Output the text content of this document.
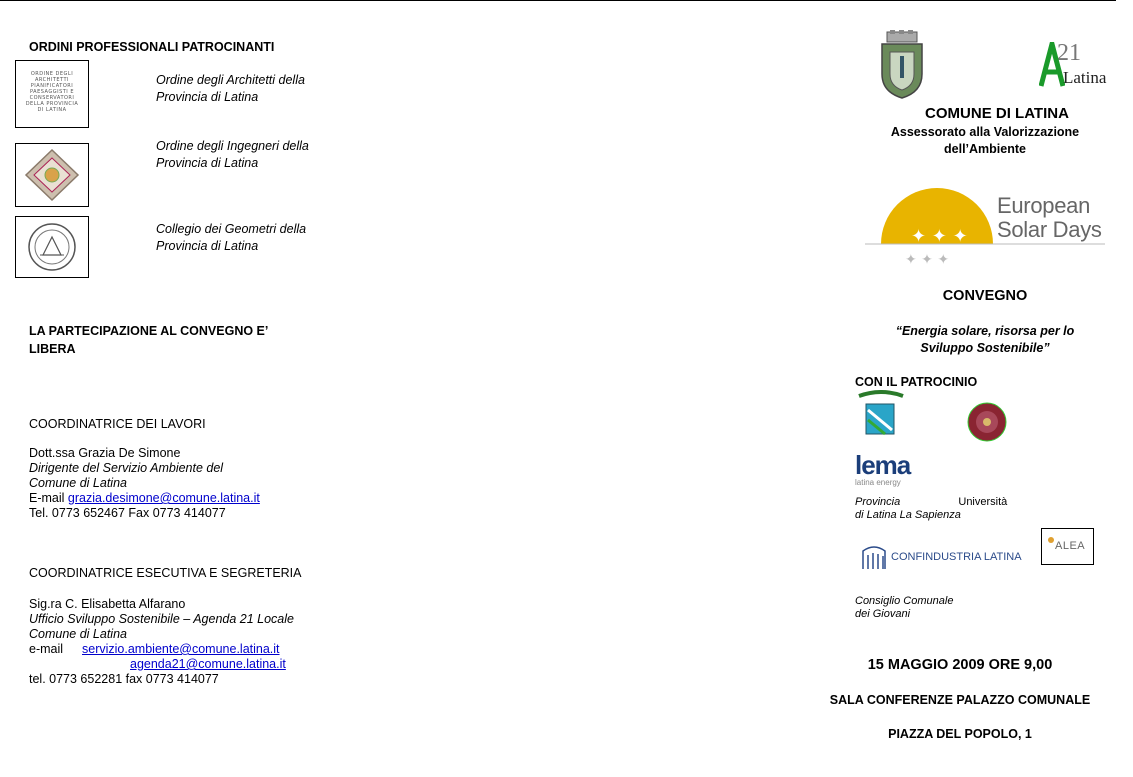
ORDINI PROFESSIONALI PATROCINANTI
ORDINE DEGLI ARCHITETTI PIANIFICATORI PAESAGGISTI E CONSERVATORI DELLA PROVINCIA DI LATINA
Ordine degli Architetti della
Provincia di Latina
Ordine degli Ingegneri della
Provincia di Latina
Collegio dei Geometri della
Provincia di Latina
LA PARTECIPAZIONE AL CONVEGNO E’
LIBERA
COORDINATRICE DEI LAVORI
Dott.ssa Grazia De Simone
Dirigente del Servizio Ambiente del
Comune di Latina
E-mail grazia.desimone@comune.latina.it
Tel. 0773 652467 Fax 0773 414077
COORDINATRICE ESECUTIVA E SEGRETERIA
Sig.ra C. Elisabetta Alfarano
Ufficio Sviluppo Sostenibile – Agenda 21 Locale
Comune di Latina
e-mail servizio.ambiente@comune.latina.it
agenda21@comune.latina.it
tel. 0773 652281 fax 0773 414077
21
Latina
COMUNE DI LATINA
Assessorato alla Valorizzazione
dell’Ambiente
✦ ✦ ✦
✦ ✦ ✦
European
Solar Days
CONVEGNO
“Energia solare, risorsa per lo
Sviluppo Sostenibile”
CON IL PATROCINIO
lema
latina energy
Provincia	Università
di Latina La Sapienza
CONFINDUSTRIA LATINA
ALEA
Consiglio Comunale
dei Giovani
15 MAGGIO 2009 ORE 9,00
SALA CONFERENZE PALAZZO COMUNALE
PIAZZA DEL POPOLO, 1
